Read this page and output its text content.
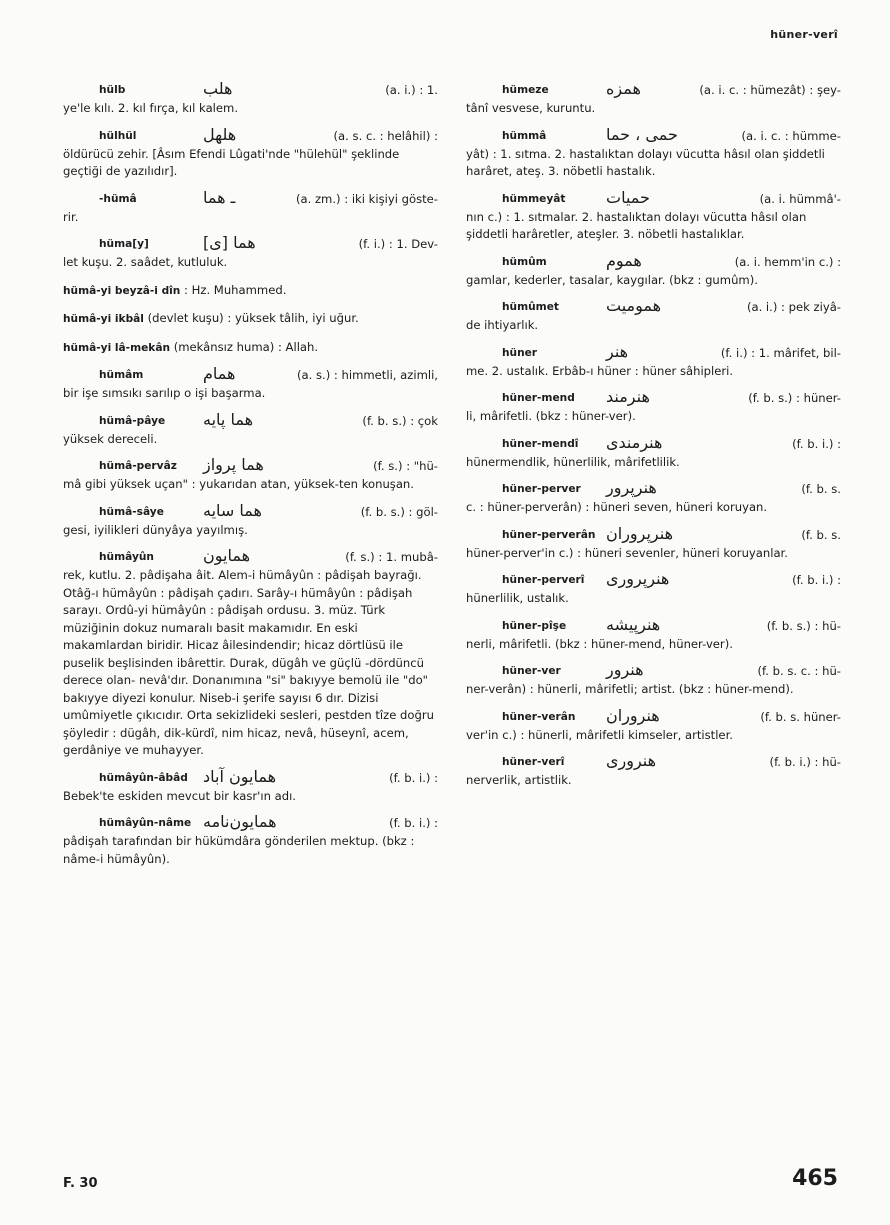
hüner-verî
hülb	هلب	(a. i.) : 1.
ye'le kılı. 2. kıl fırça, kıl kalem.
hülhül	هلهل	(a. s. c. : helâhil) :
öldürücü zehir. [Âsım Efendi Lûgati'nde "hülehül" şeklinde geçtiği de yazılıdır].
-hümâ	ـ هما	(a. zm.) : iki kişiyi göste-
rir.
hüma[y]	هما [ی]	(f. i.) : 1. Dev-
let kuşu. 2. saâdet, kutluluk.
hümâ-yi beyzâ-i dîn : Hz. Muhammed.
hümâ-yi ikbâl (devlet kuşu) : yüksek tâlih, iyi uğur.
hümâ-yi lâ-mekân (mekânsız huma) : Allah.
hümâm	همام	(a. s.) : himmetli, azimli,
bir işe sımsıkı sarılıp o işi başarma.
hümâ-pâye هما پایه	(f. b. s.) : çok
yüksek dereceli.
hümâ-pervâz هما پرواز	(f. s.) : "hü-
mâ gibi yüksek uçan" : yukarıdan atan, yüksek-ten konuşan.
hümâ-sâye هما سایه	(f. b. s.) : göl-
gesi, iyilikleri dünyâya yayılmış.
hümâyûn	همایون	(f. s.) : 1. mubâ-
rek, kutlu. 2. pâdişaha âit. Alem-i hümâyûn : pâdişah bayrağı. Otâğ-ı hümâyûn : pâdişah çadırı. Sarây-ı hümâyûn : pâdişah sarayı. Ordû-yi hümâyûn : pâdişah ordusu. 3. müz. Türk müziğinin dokuz numaralı basit makamıdır. En eski makamlardan biridir. Hicaz âilesindendir; hicaz dörtlüsü ile puselik beşlisinden ibârettir. Durak, dügâh ve güçlü -dördüncü derece olan- nevâ'dır. Donanımına "si" bakıyye bemolü ile "do" bakıyye diyezi konulur. Niseb-i şerife sayısı 6 dır. Dizisi umûmiyetle çıkıcıdır. Orta sekizlideki sesleri, pestden tîze doğru şöyledir : dügâh, dik-kürdî, nim hicaz, nevâ, hüseynî, acem, gerdâniye ve muhayyer.
hümâyûn-âbâd همایون آباد	(f. b. i.) :
Bebek'te eskiden mevcut bir kasr'ın adı.
hümâyûn-nâme همایون‌نامه	(f. b. i.) :
pâdişah tarafından bir hükümdâra gönderilen mektup. (bkz : nâme-i hümâyûn).
hümeze	همزه	(a. i. c. : hümezât) : şey-
tânî vesvese, kuruntu.
hümmâ	حمى ، حما	(a. i. c. : hümme-
yât) : 1. sıtma. 2. hastalıktan dolayı vücutta hâsıl olan şiddetli harâret, ateş. 3. nöbetli hastalık.
hümmeyât	حميات	(a. i. hümmâ'-
nın c.) : 1. sıtmalar. 2. hastalıktan dolayı vücutta hâsıl olan şiddetli harâretler, ateşler. 3. nöbetli hastalıklar.
hümûm	هموم	(a. i. hemm'in c.) :
gamlar, kederler, tasalar, kaygılar. (bkz : gumûm).
hümûmet	هموميت	(a. i.) : pek ziyâ-
de ihtiyarlık.
hüner	هنر	(f. i.) : 1. mârifet, bil-
me. 2. ustalık. Erbâb-ı hüner : hüner sâhipleri.
hüner-mend هنرمند	(f. b. s.) : hüner-
li, mârifetli. (bkz : hüner-ver).
hüner-mendî هنرمندی	(f. b. i.) :
hünermendlik, hünerlilik, mârifetlilik.
hüner-perver هنرپرور	(f. b. s.
c. : hüner-perverân) : hüneri seven, hüneri koruyan.
hüner-perverân هنرپروران	(f. b. s.
hüner-perver'in c.) : hüneri sevenler, hüneri koruyanlar.
hüner-perverî هنرپروری	(f. b. i.) :
hünerlilik, ustalık.
hüner-pîşe هنرپیشه	(f. b. s.) : hü-
nerli, mârifetli. (bkz : hüner-mend, hüner-ver).
hüner-ver	هنرور	(f. b. s. c. : hü-
ner-verân) : hünerli, mârifetli; artist. (bkz : hüner-mend).
hüner-verân هنروران	(f. b. s. hüner-
ver'in c.) : hünerli, mârifetli kimseler, artistler.
hüner-verî	هنروری	(f. b. i.) : hü-
nerverlik, artistlik.
F. 30	465
